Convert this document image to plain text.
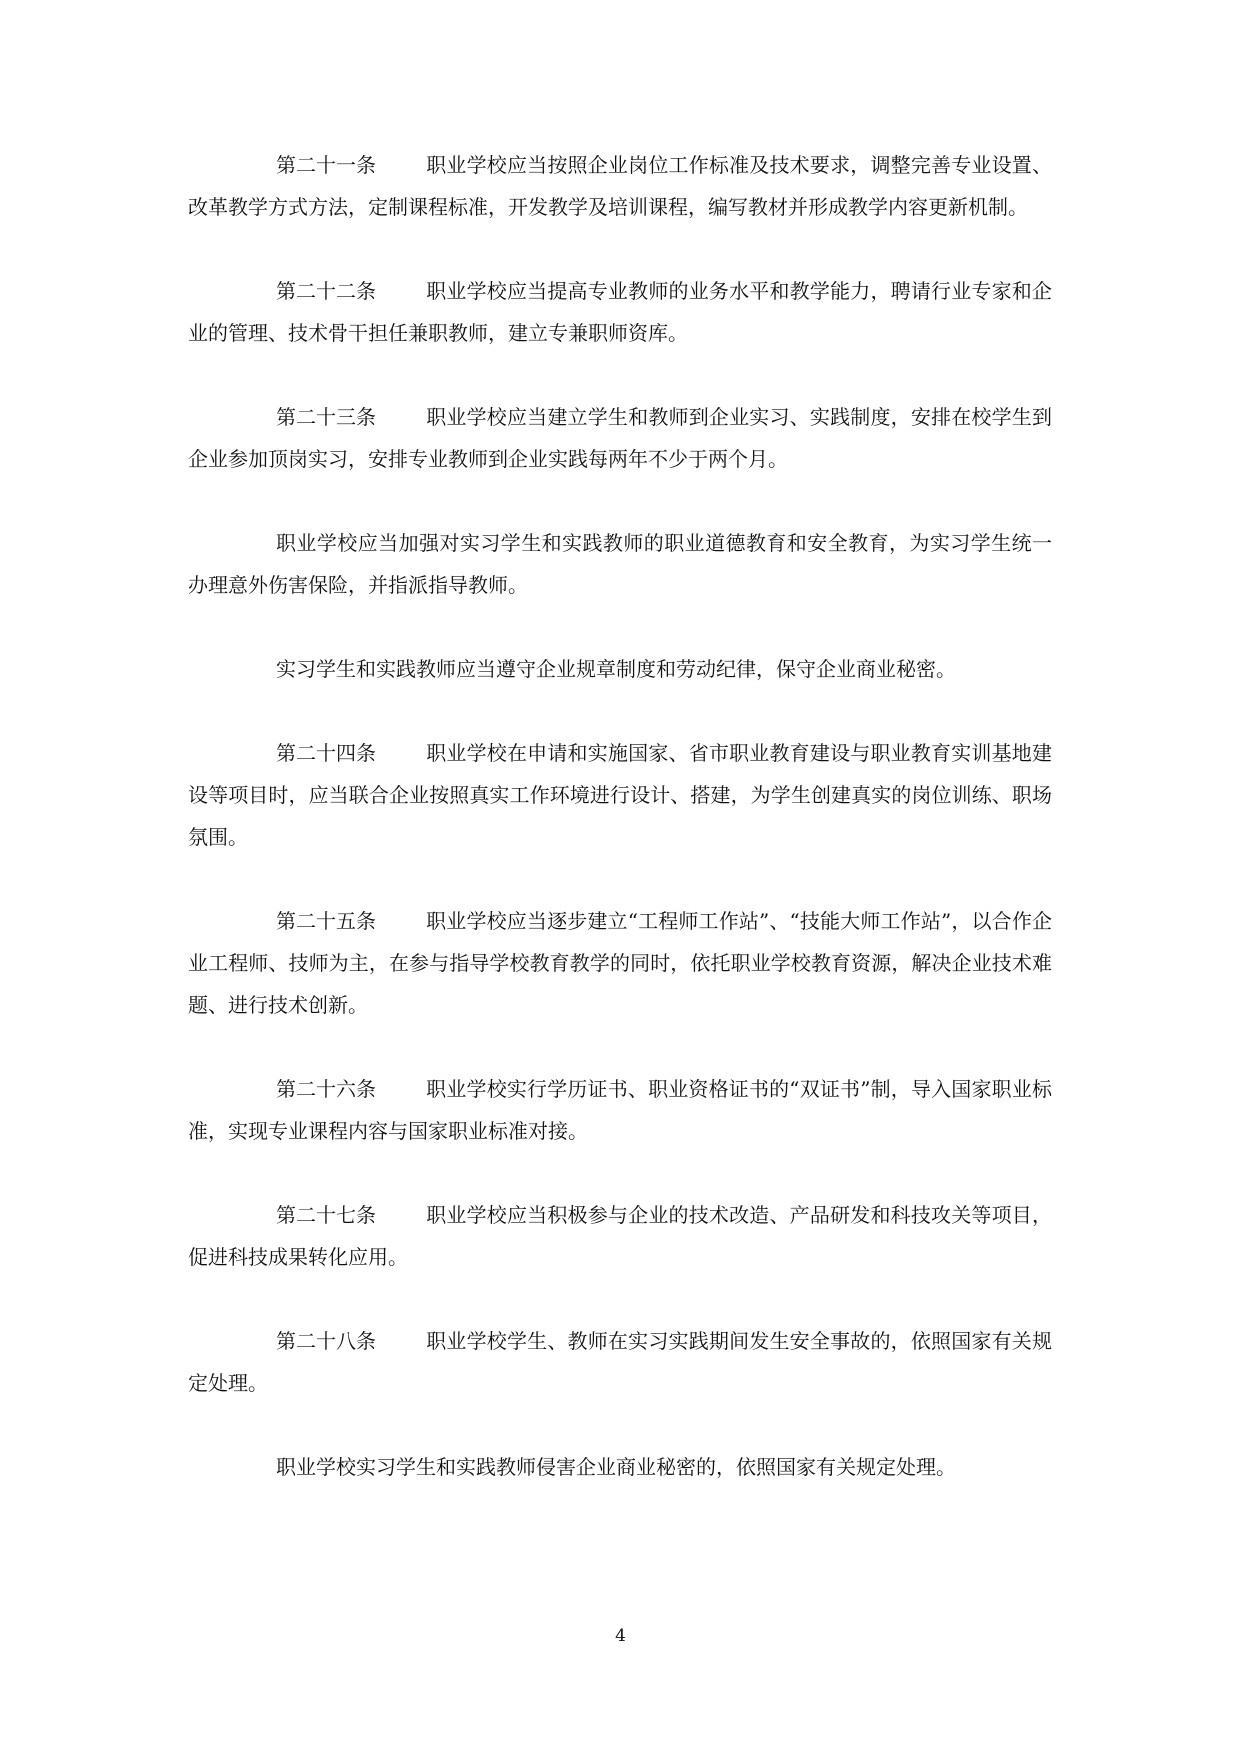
第二十一条	职业学校应当按照企业岗位工作标准及技术要求，调整完善专业设置、改革教学方式方法，定制课程标准，开发教学及培训课程，编写教材并形成教学内容更新机制。

第二十二条	职业学校应当提高专业教师的业务水平和教学能力，聘请行业专家和企业的管理、技术骨干担任兼职教师，建立专兼职师资库。

第二十三条	职业学校应当建立学生和教师到企业实习、实践制度，安排在校学生到企业参加顶岗实习，安排专业教师到企业实践每两年不少于两个月。

职业学校应当加强对实习学生和实践教师的职业道德教育和安全教育，为实习学生统一办理意外伤害保险，并指派指导教师。

实习学生和实践教师应当遵守企业规章制度和劳动纪律，保守企业商业秘密。

第二十四条	职业学校在申请和实施国家、省市职业教育建设与职业教育实训基地建设等项目时，应当联合企业按照真实工作环境进行设计、搭建，为学生创建真实的岗位训练、职场氛围。

第二十五条	职业学校应当逐步建立“工程师工作站”、“技能大师工作站”，以合作企业工程师、技师为主，在参与指导学校教育教学的同时，依托职业学校教育资源，解决企业技术难题、进行技术创新。

第二十六条	职业学校实行学历证书、职业资格证书的“双证书”制，导入国家职业标准，实现专业课程内容与国家职业标准对接。

第二十七条	职业学校应当积极参与企业的技术改造、产品研发和科技攻关等项目，促进科技成果转化应用。

第二十八条	职业学校学生、教师在实习实践期间发生安全事故的，依照国家有关规定处理。

职业学校实习学生和实践教师侵害企业商业秘密的，依照国家有关规定处理。

4
